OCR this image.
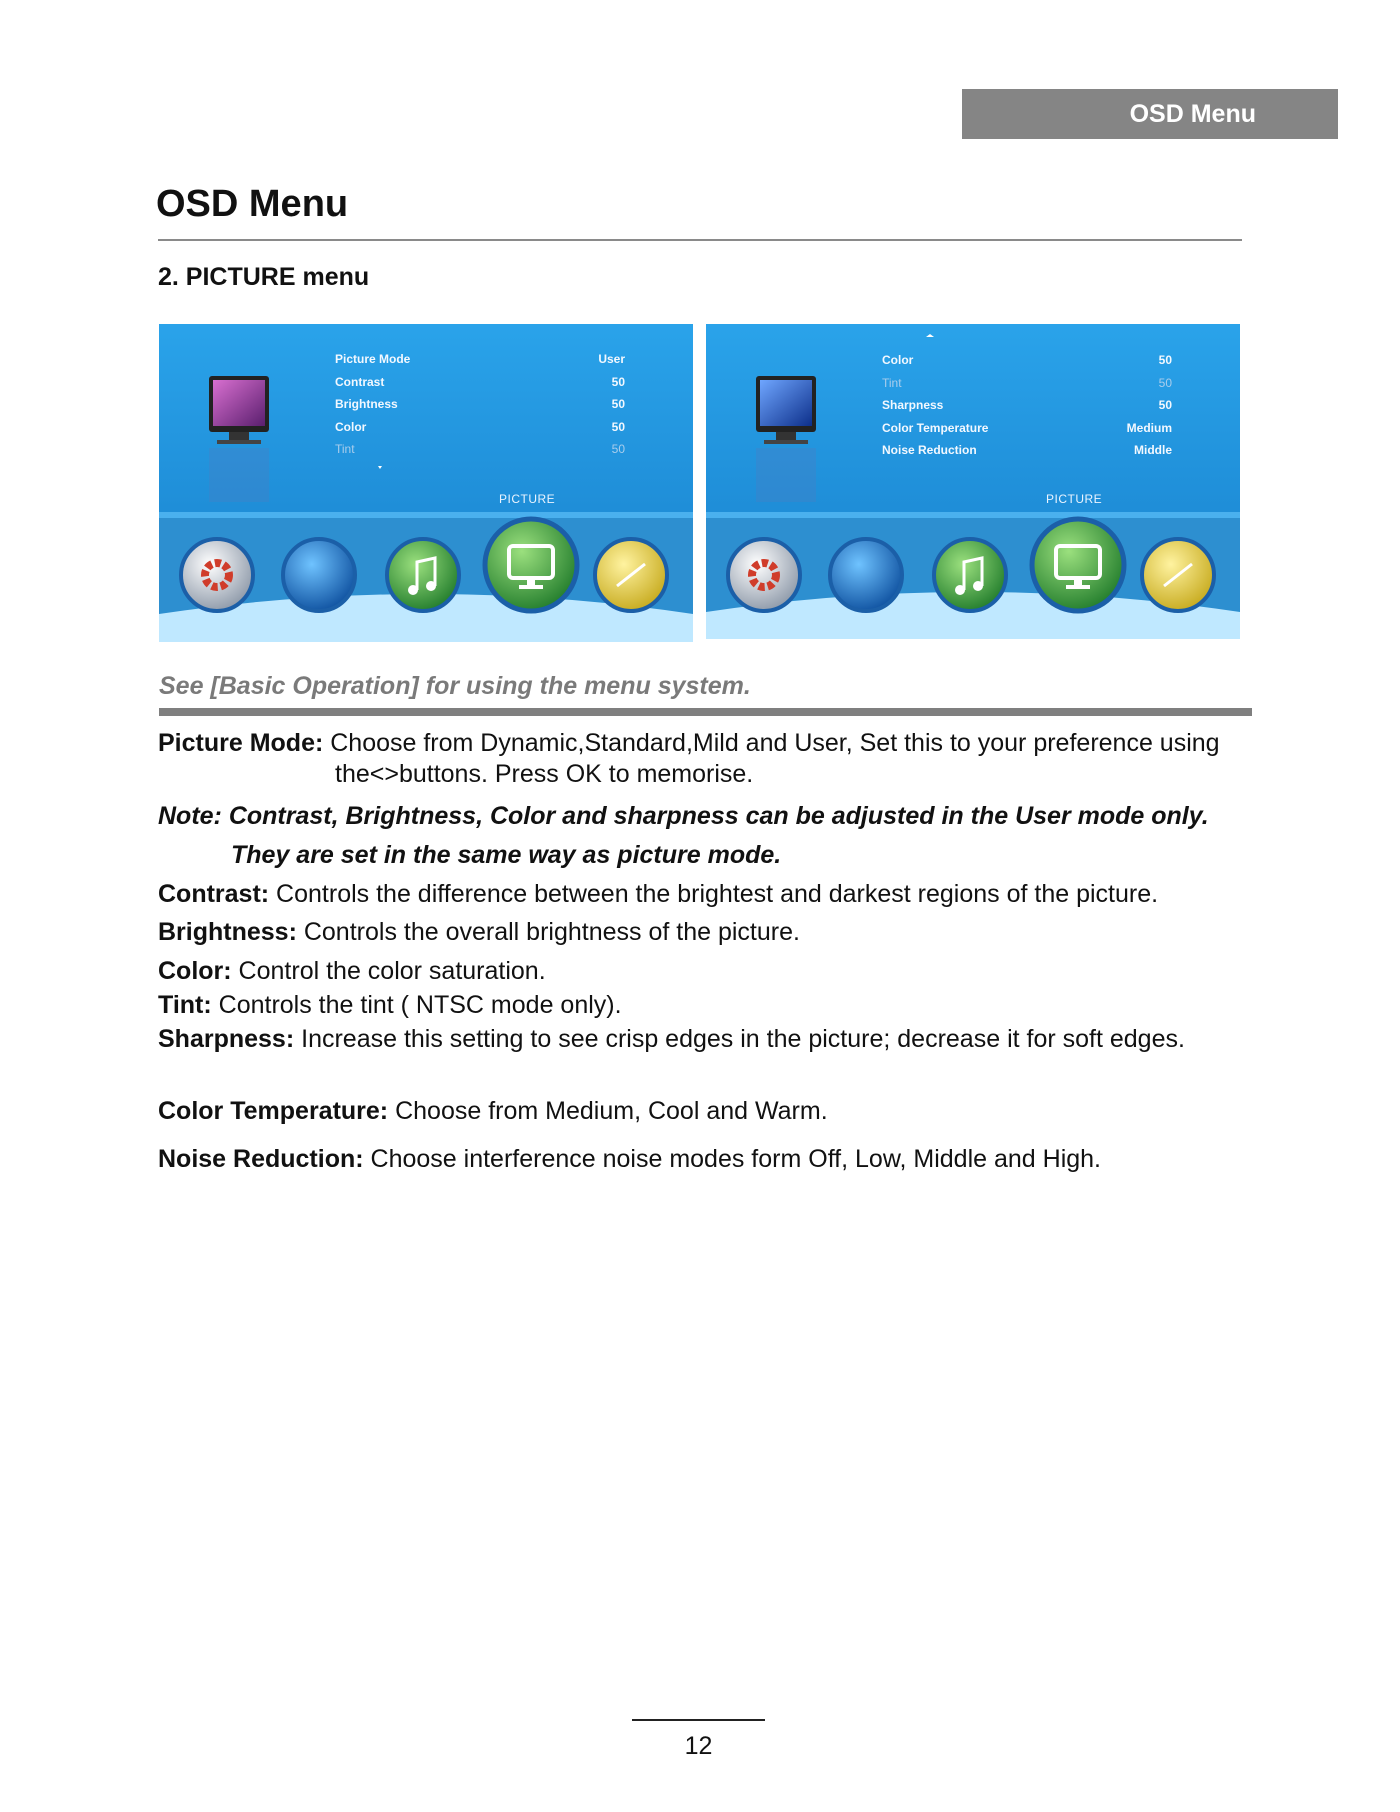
OSD Menu
OSD Menu
2. PICTURE menu
Picture Mode	User
Contrast	50
Brightness	50
Color	50
Tint	50
PICTURE
Color	50
Tint	50
Sharpness	50
Color Temperature	Medium
Noise Reduction	Middle
PICTURE
See [Basic Operation] for using the menu system.
Picture Mode: Choose from Dynamic,Standard,Mild and User, Set this to your preference using
the<>buttons. Press OK to memorise.
Note: Contrast, Brightness, Color and sharpness can be adjusted in the User mode only.
They are set in the same way as picture mode.
Contrast: Controls the difference between the brightest and darkest regions of the picture.
Brightness: Controls the overall brightness of the picture.
Color: Control the color saturation.
Tint: Controls the tint ( NTSC mode only).
Sharpness: Increase this setting to see crisp edges in the picture; decrease it for soft edges.
Color Temperature: Choose from Medium, Cool and Warm.
Noise Reduction: Choose interference noise modes form Off, Low, Middle and High.
12
